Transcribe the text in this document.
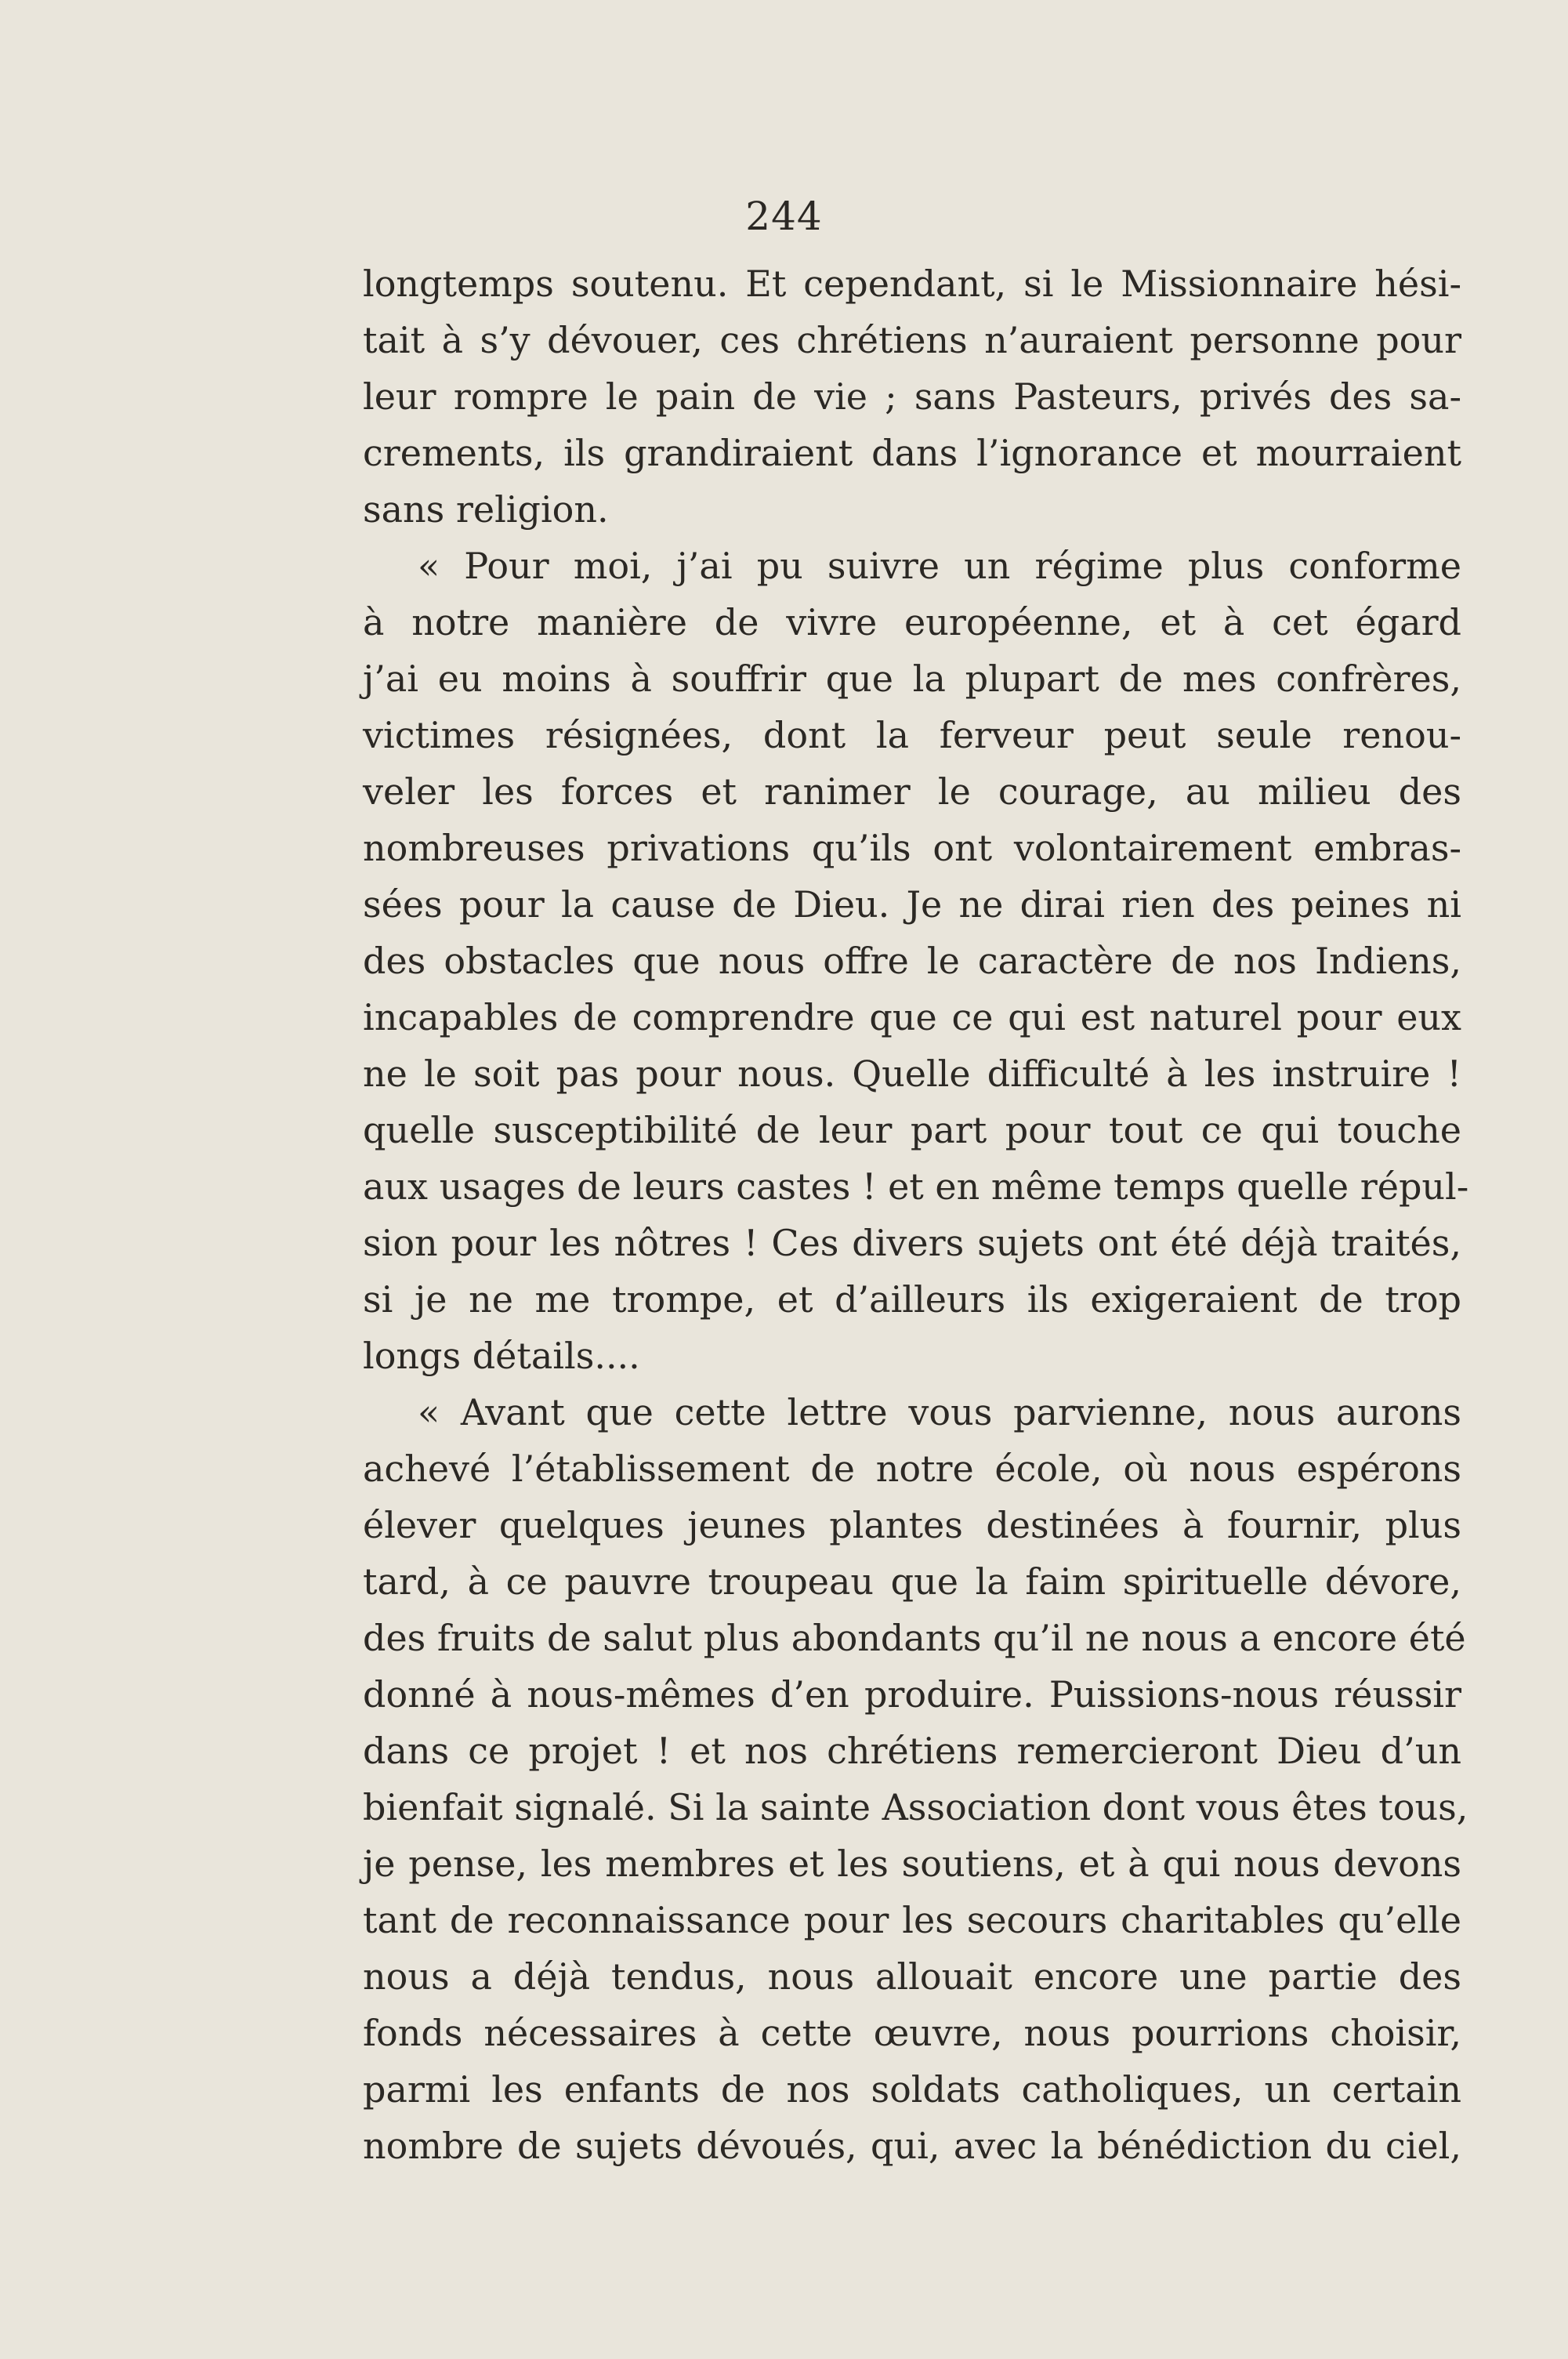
244
longtemps soutenu. Et cependant, si le Missionnaire hési-
tait à s’y dévouer, ces chrétiens n’auraient personne pour
leur rompre le pain de vie ; sans Pasteurs, privés des sa-
crements, ils grandiraient dans l’ignorance et mourraient
sans religion.
« Pour moi, j’ai pu suivre un régime plus conforme
à notre manière de vivre européenne, et à cet égard
j’ai eu moins à souffrir que la plupart de mes confrères,
victimes résignées, dont la ferveur peut seule renou-
veler les forces et ranimer le courage, au milieu des
nombreuses privations qu’ils ont volontairement embras-
sées pour la cause de Dieu. Je ne dirai rien des peines ni
des obstacles que nous offre le caractère de nos Indiens,
incapables de comprendre que ce qui est naturel pour eux
ne le soit pas pour nous. Quelle difficulté à les instruire !
quelle susceptibilité de leur part pour tout ce qui touche
aux usages de leurs castes ! et en même temps quelle répul-
sion pour les nôtres ! Ces divers sujets ont été déjà traités,
si je ne me trompe, et d’ailleurs ils exigeraient de trop
longs détails....
« Avant que cette lettre vous parvienne, nous aurons
achevé l’établissement de notre école, où nous espérons
élever quelques jeunes plantes destinées à fournir, plus
tard, à ce pauvre troupeau que la faim spirituelle dévore,
des fruits de salut plus abondants qu’il ne nous a encore été
donné à nous-mêmes d’en produire. Puissions-nous réussir
dans ce projet ! et nos chrétiens remercieront Dieu d’un
bienfait signalé. Si la sainte Association dont vous êtes tous,
je pense, les membres et les soutiens, et à qui nous devons
tant de reconnaissance pour les secours charitables qu’elle
nous a déjà tendus, nous allouait encore une partie des
fonds nécessaires à cette œuvre, nous pourrions choisir,
parmi les enfants de nos soldats catholiques, un certain
nombre de sujets dévoués, qui, avec la bénédiction du ciel,
